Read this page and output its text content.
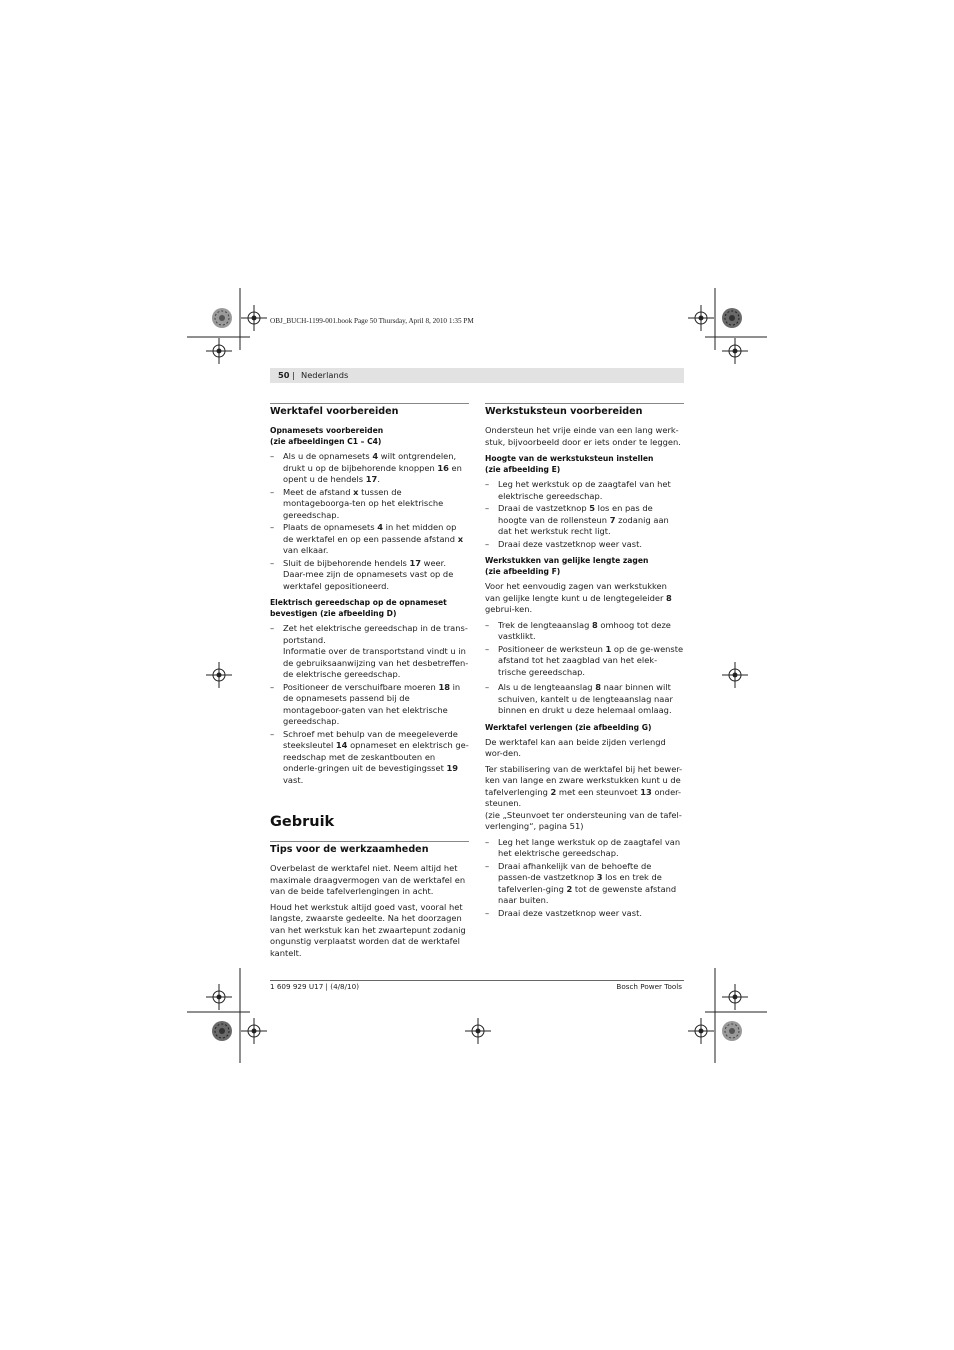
OBJ_BUCH-1199-001.book Page 50 Thursday, April 8, 2010 1:35 PM
50 | Nederlands
Werktafel voorbereiden
Opnamesets voorbereiden
(zie afbeeldingen C1 – C4)
– Als u de opnamesets 4 wilt ontgrendelen, drukt u op de bijbehorende knoppen 16 en opent u de hendels 17.
– Meet de afstand x tussen de montageboorga-ten op het elektrische gereedschap.
– Plaats de opnamesets 4 in het midden op de werktafel en op een passende afstand x van elkaar.
– Sluit de bijbehorende hendels 17 weer. Daar-mee zijn de opnamesets vast op de werktafel gepositioneerd.
Elektrisch gereedschap op de opnameset
bevestigen (zie afbeelding D)
– Zet het elektrische gereedschap in de trans-portstand.
Informatie over de transportstand vindt u in de gebruiksaanwijzing van het desbetreffen-de elektrische gereedschap.
– Positioneer de verschuifbare moeren 18 in de opnamesets passend bij de montageboor-gaten van het elektrische gereedschap.
– Schroef met behulp van de meegeleverde steeksleutel 14 opnameset en elektrisch ge-reedschap met de zeskantbouten en onderle-gringen uit de bevestigingsset 19 vast.
Gebruik
Tips voor de werkzaamheden

Overbelast de werktafel niet. Neem altijd het maximale draagvermogen van de werktafel en van de beide tafelverlengingen in acht.

Houd het werkstuk altijd goed vast, vooral het langste, zwaarste gedeelte. Na het doorzagen van het werkstuk kan het zwaartepunt zodanig ongunstig verplaatst worden dat de werktafel kantelt.

Werkstuksteun voorbereiden

Ondersteun het vrije einde van een lang werk-stuk, bijvoorbeeld door er iets onder te leggen.

Hoogte van de werkstuksteun instellen
(zie afbeelding E)
– Leg het werkstuk op de zaagtafel van het elektrische gereedschap.
– Draai de vastzetknop 5 los en pas de hoogte van de rollensteun 7 zodanig aan dat het werkstuk recht ligt.
– Draai deze vastzetknop weer vast.
Werkstukken van gelijke lengte zagen
(zie afbeelding F)

Voor het eenvoudig zagen van werkstukken van gelijke lengte kunt u de lengtegeleider 8 gebrui-ken.

– Trek de lengteaanslag 8 omhoog tot deze vastklikt.
– Positioneer de werksteun 1 op de ge-wenste afstand tot het zaagblad van het elek-trische gereedschap.
– Als u de lengteaanslag 8 naar binnen wilt schuiven, kantelt u de lengteaanslag naar binnen en drukt u deze helemaal omlaag.
Werktafel verlengen (zie afbeelding G)

De werktafel kan aan beide zijden verlengd wor-den.

Ter stabilisering van de werktafel bij het bewer-ken van lange en zware werkstukken kunt u de tafelverlenging 2 met een steunvoet 13 onder-steunen.

(zie „Steunvoet ter ondersteuning van de tafel-verlenging“, pagina 51)

– Leg het lange werkstuk op de zaagtafel van het elektrische gereedschap.
– Draai afhankelijk van de behoefte de passen-de vastzetknop 3 los en trek de tafelverlen-ging 2 tot de gewenste afstand naar buiten.
– Draai deze vastzetknop weer vast.
1 609 929 U17 | (4/8/10)	Bosch Power Tools
